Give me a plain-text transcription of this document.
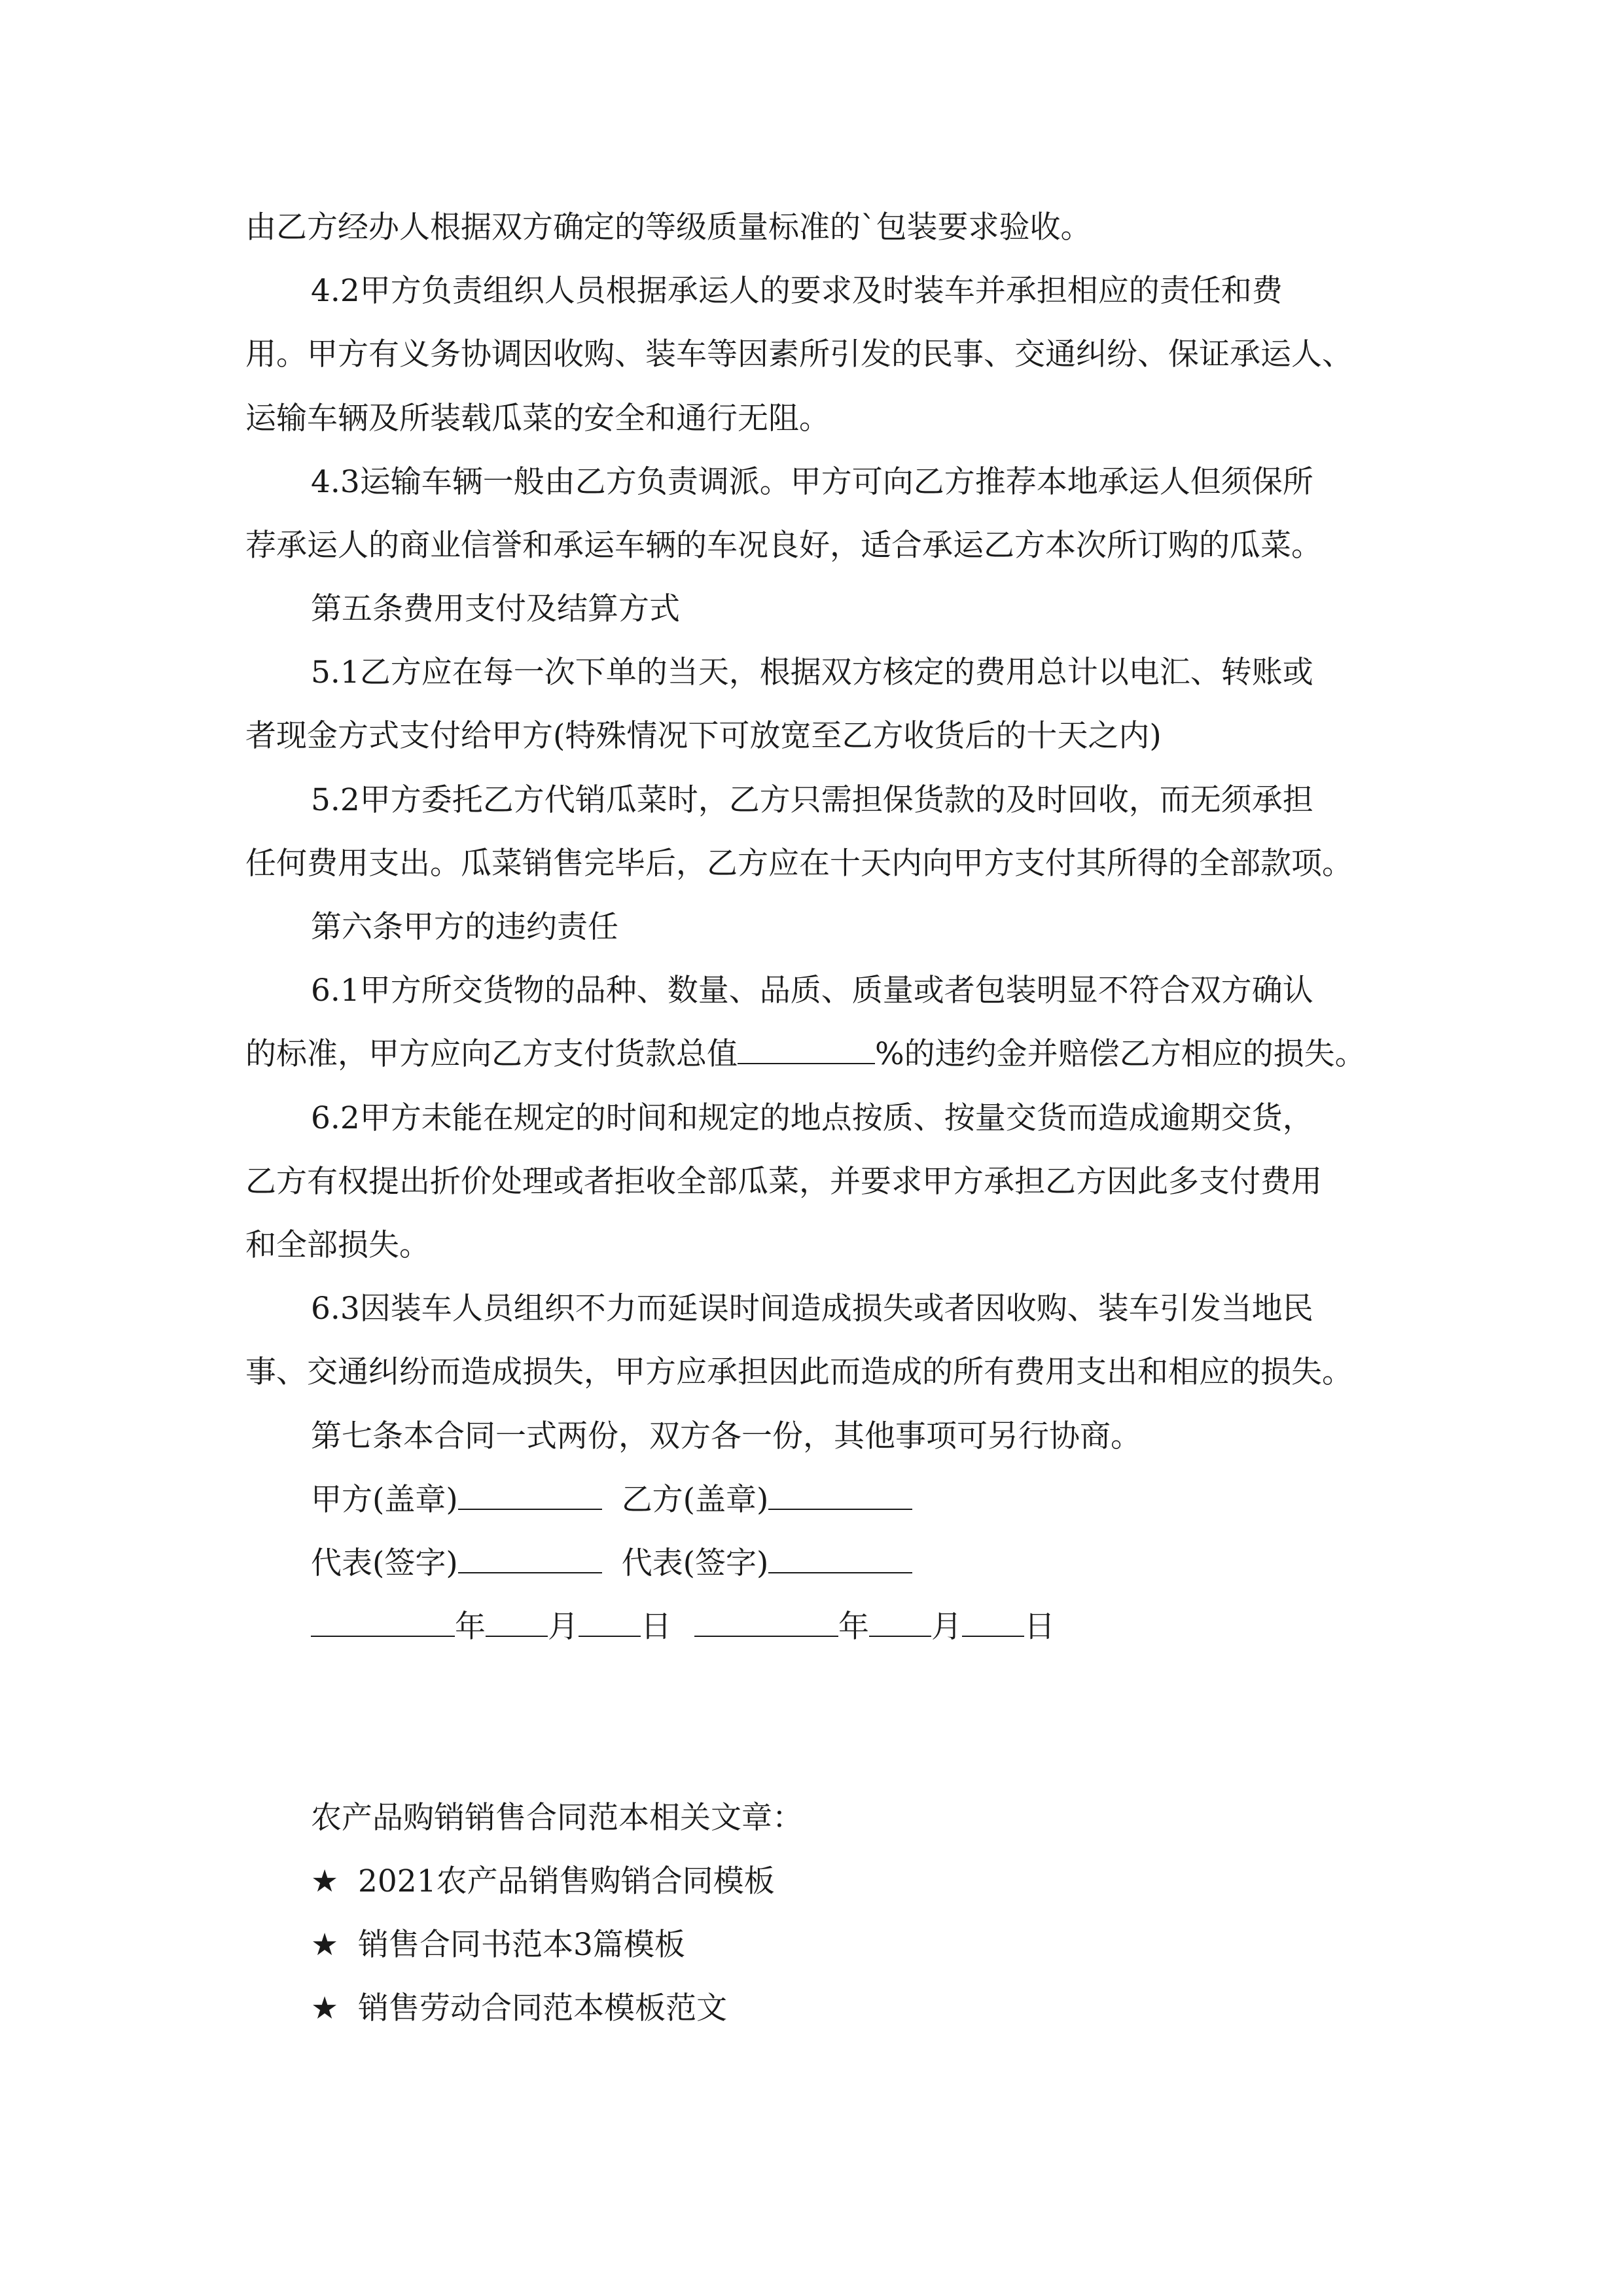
由乙方经办人根据双方确定的等级质量标准的`包装要求验收。
4.2甲方负责组织人员根据承运人的要求及时装车并承担相应的责任和费
用。甲方有义务协调因收购、装车等因素所引发的民事、交通纠纷、保证承运人、
运输车辆及所装载瓜菜的安全和通行无阻。
4.3运输车辆一般由乙方负责调派。甲方可向乙方推荐本地承运人但须保所
荐承运人的商业信誉和承运车辆的车况良好，适合承运乙方本次所订购的瓜菜。
第五条费用支付及结算方式
5.1乙方应在每一次下单的当天，根据双方核定的费用总计以电汇、转账或
者现金方式支付给甲方(特殊情况下可放宽至乙方收货后的十天之内)
5.2甲方委托乙方代销瓜菜时，乙方只需担保货款的及时回收，而无须承担
任何费用支出。瓜菜销售完毕后，乙方应在十天内向甲方支付其所得的全部款项。
第六条甲方的违约责任
6.1甲方所交货物的品种、数量、品质、质量或者包装明显不符合双方确认
的标准，甲方应向乙方支付货款总值	%的违约金并赔偿乙方相应的损失。
6.2甲方未能在规定的时间和规定的地点按质、按量交货而造成逾期交货，
乙方有权提出折价处理或者拒收全部瓜菜，并要求甲方承担乙方因此多支付费用
和全部损失。
6.3因装车人员组织不力而延误时间造成损失或者因收购、装车引发当地民
事、交通纠纷而造成损失，甲方应承担因此而造成的所有费用支出和相应的损失。
第七条本合同一式两份，双方各一份，其他事项可另行协商。
甲方(盖章)	乙方(盖章)
代表(签字)	代表(签字)
年 月 日	年 月 日
农产品购销销售合同范本相关文章：
★ 2021农产品销售购销合同模板
★ 销售合同书范本3篇模板
★ 销售劳动合同范本模板范文
